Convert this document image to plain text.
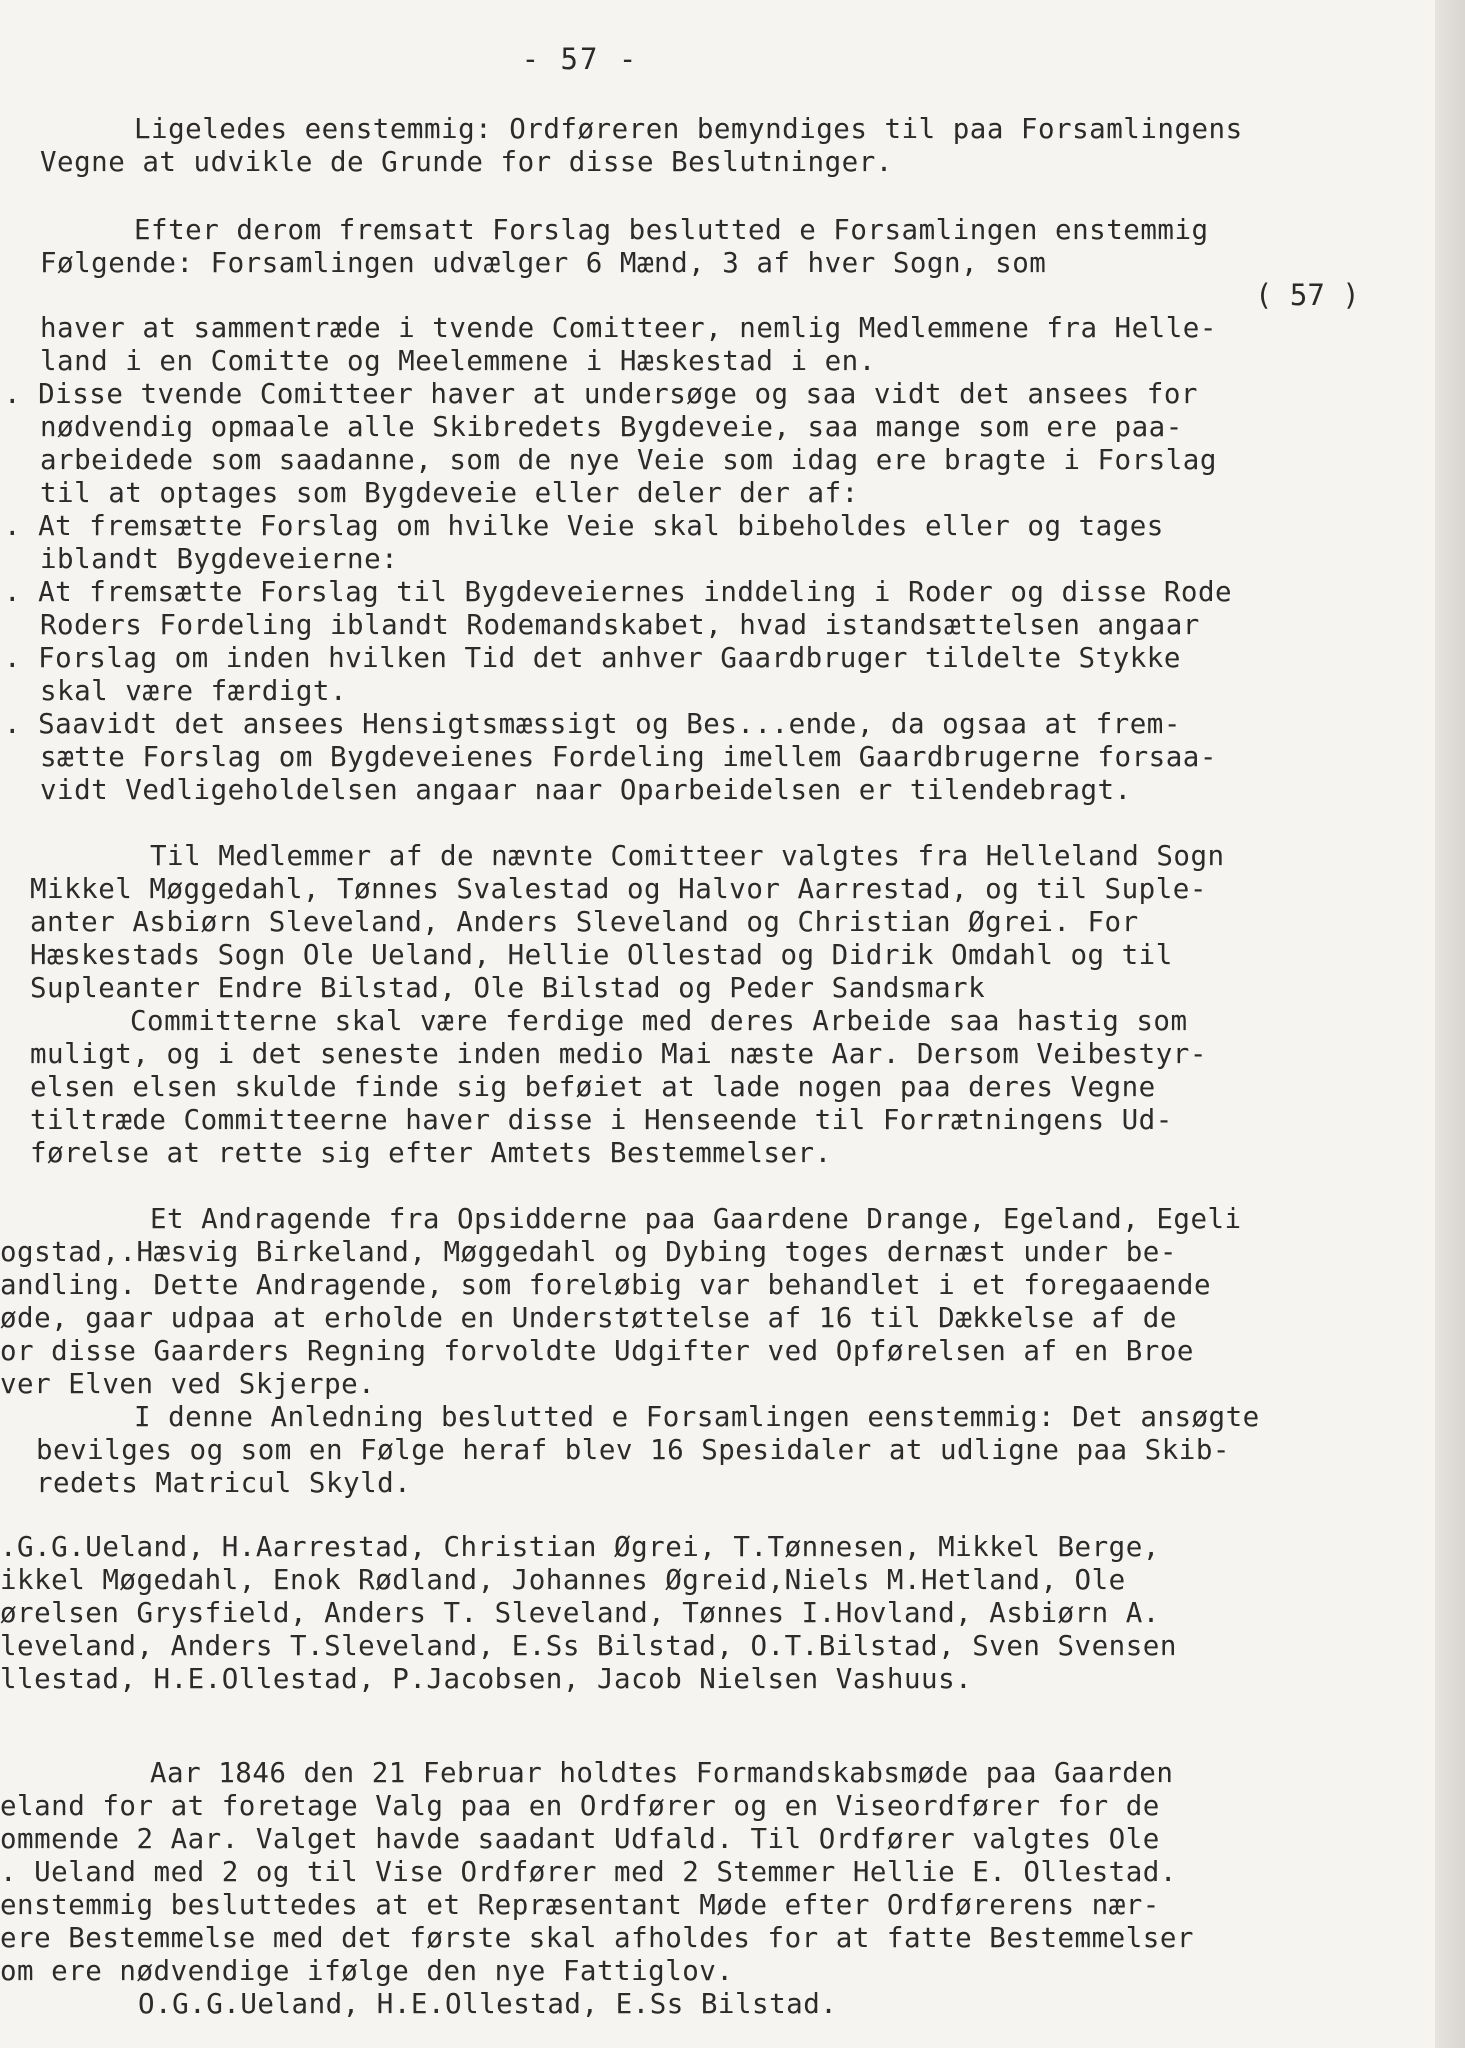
- 57 -
( 57 )
Ligeledes eenstemmig: Ordføreren bemyndiges til paa Forsamlingens
Vegne at udvikle de Grunde for disse Beslutninger.
Efter derom fremsatt Forslag beslutted e Forsamlingen enstemmig
Følgende: Forsamlingen udvælger 6 Mænd, 3 af hver Sogn, som
haver at sammentræde i tvende Comitteer, nemlig Medlemmene fra Helle-
land i en Comitte og Meelemmene i Hæskestad i en.
. Disse tvende Comitteer haver at undersøge og saa vidt det ansees for
nødvendig opmaale alle Skibredets Bygdeveie, saa mange som ere paa-
arbeidede som saadanne, som de nye Veie som idag ere bragte i Forslag
til at optages som Bygdeveie eller deler der af:
. At fremsætte Forslag om hvilke Veie skal bibeholdes eller og tages
iblandt Bygdeveierne:
. At fremsætte Forslag til Bygdeveiernes inddeling i Roder og disse Rode
Roders Fordeling iblandt Rodemandskabet, hvad istandsættelsen angaar
. Forslag om inden hvilken Tid det anhver Gaardbruger tildelte Stykke
skal være færdigt.
. Saavidt det ansees Hensigtsmæssigt og Bes...ende, da ogsaa at frem-
sætte Forslag om Bygdeveienes Fordeling imellem Gaardbrugerne forsaa-
vidt Vedligeholdelsen angaar naar Oparbeidelsen er tilendebragt.
Til Medlemmer af de nævnte Comitteer valgtes fra Helleland Sogn
Mikkel Møggedahl, Tønnes Svalestad og Halvor Aarrestad, og til Suple-
anter Asbiørn Sleveland, Anders Sleveland og Christian Øgrei. For
Hæskestads Sogn Ole Ueland, Hellie Ollestad og Didrik Omdahl og til
Supleanter Endre Bilstad, Ole Bilstad og Peder Sandsmark
Committerne skal være ferdige med deres Arbeide saa hastig som
muligt, og i det seneste inden medio Mai næste Aar. Dersom Veibestyr-
elsen elsen skulde finde sig beføiet at lade nogen paa deres Vegne
tiltræde Committeerne haver disse i Henseende til Forrætningens Ud-
førelse at rette sig efter Amtets Bestemmelser.
Et Andragende fra Opsidderne paa Gaardene Drange, Egeland, Egeli
ogstad,.Hæsvig Birkeland, Møggedahl og Dybing toges dernæst under be-
andling. Dette Andragende, som foreløbig var behandlet i et foregaaende
øde, gaar udpaa at erholde en Understøttelse af 16 til Dækkelse af de
or disse Gaarders Regning forvoldte Udgifter ved Opførelsen af en Broe
ver Elven ved Skjerpe.
I denne Anledning beslutted e Forsamlingen eenstemmig: Det ansøgte
bevilges og som en Følge heraf blev 16 Spesidaler at udligne paa Skib-
redets Matricul Skyld.
.G.G.Ueland, H.Aarrestad, Christian Øgrei, T.Tønnesen, Mikkel Berge,
ikkel Møgedahl, Enok Rødland, Johannes Øgreid,Niels M.Hetland, Ole
ørelsen Grysfield, Anders T. Sleveland, Tønnes I.Hovland, Asbiørn A.
leveland, Anders T.Sleveland, E.Ss Bilstad, O.T.Bilstad, Sven Svensen
llestad, H.E.Ollestad, P.Jacobsen, Jacob Nielsen Vashuus.
Aar 1846 den 21 Februar holdtes Formandskabsmøde paa Gaarden
eland for at foretage Valg paa en Ordfører og en Viseordfører for de
ommende 2 Aar. Valget havde saadant Udfald. Til Ordfører valgtes Ole
. Ueland med 2 og til Vise Ordfører med 2 Stemmer Hellie E. Ollestad.
enstemmig besluttedes at et Repræsentant Møde efter Ordførerens nær-
ere Bestemmelse med det første skal afholdes for at fatte Bestemmelser
om ere nødvendige ifølge den nye Fattiglov.
O.G.G.Ueland, H.E.Ollestad, E.Ss Bilstad.
